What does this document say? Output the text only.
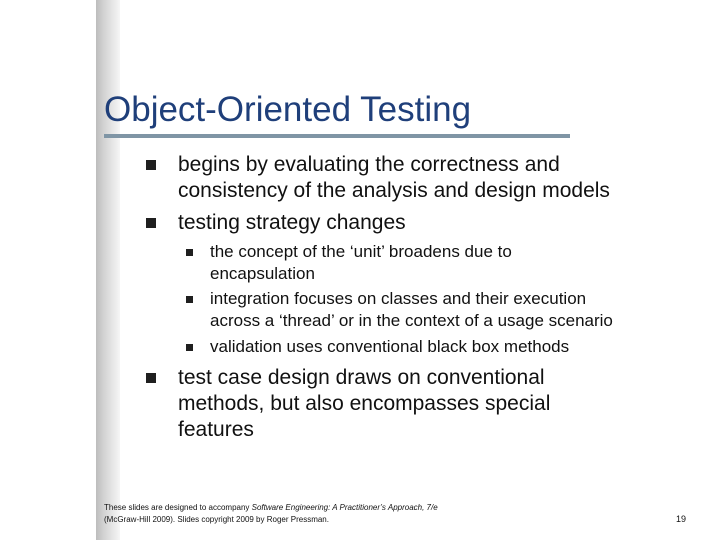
Object-Oriented Testing
begins by evaluating the correctness and
consistency of the analysis and design models
testing strategy changes
the concept of the ‘unit’ broadens due to
encapsulation
integration focuses on classes and their execution
across a ‘thread’ or in the context of a usage scenario
validation uses conventional black box methods
test case design draws on conventional
methods, but also encompasses special
features
These slides are designed to accompany Software Engineering: A Practitioner’s Approach, 7/e
(McGraw-Hill 2009). Slides copyright 2009 by Roger Pressman.	19
